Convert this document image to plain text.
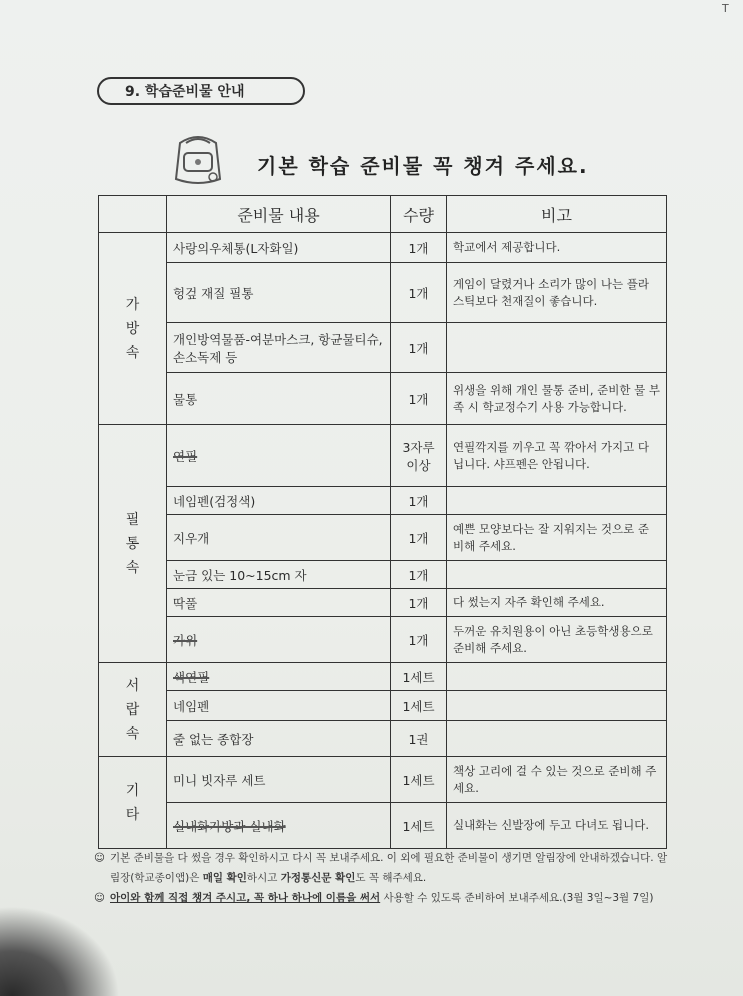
Τ
9. 학습준비물 안내
기본 학습 준비물 꼭 챙겨 주세요.
	준비물 내용	수량	비고
가
방
속	사랑의우체통(L자화일)	1개	학교에서 제공합니다.
	헝겊 재질 필통	1개	게임이 달렸거나 소리가 많이 나는 플라스틱보다 천재질이 좋습니다.
	개인방역물품-여분마스크, 항균물티슈, 손소독제 등	1개	
	물통	1개	위생을 위해 개인 물통 준비, 준비한 물 부족 시 학교정수기 사용 가능합니다.
필
통
속	연필	3자루 이상	연필깍지를 끼우고 꼭 깎아서 가지고 다닙니다. 샤프펜은 안됩니다.
	네임펜(검정색)	1개	
	지우개	1개	예쁜 모양보다는 잘 지워지는 것으로 준비해 주세요.
	눈금 있는 10~15cm 자	1개	
	딱풀	1개	다 썼는지 자주 확인해 주세요.
	가위	1개	두꺼운 유치원용이 아닌 초등학생용으로 준비해 주세요.
서
랍
속	색연필	1세트	
	네임펜	1세트	
	줄 없는 종합장	1권	
기
타	미니 빗자루 세트	1세트	책상 고리에 걸 수 있는 것으로 준비해 주세요.
	실내화가방과 실내화	1세트	실내화는 신발장에 두고 다녀도 됩니다.

☺ 기본 준비물을 다 썼을 경우 확인하시고 다시 꼭 보내주세요. 이 외에 필요한 준비물이 생기면 알림장에 안내하겠습니다. 알림장(학교종이앱)은 매일 확인하시고 가정통신문 확인도 꼭 해주세요.

☺ 아이와 함께 직접 챙겨 주시고, 꼭 하나 하나에 이름을 써서 사용할 수 있도록 준비하여 보내주세요.(3월 3일~3월 7일)
